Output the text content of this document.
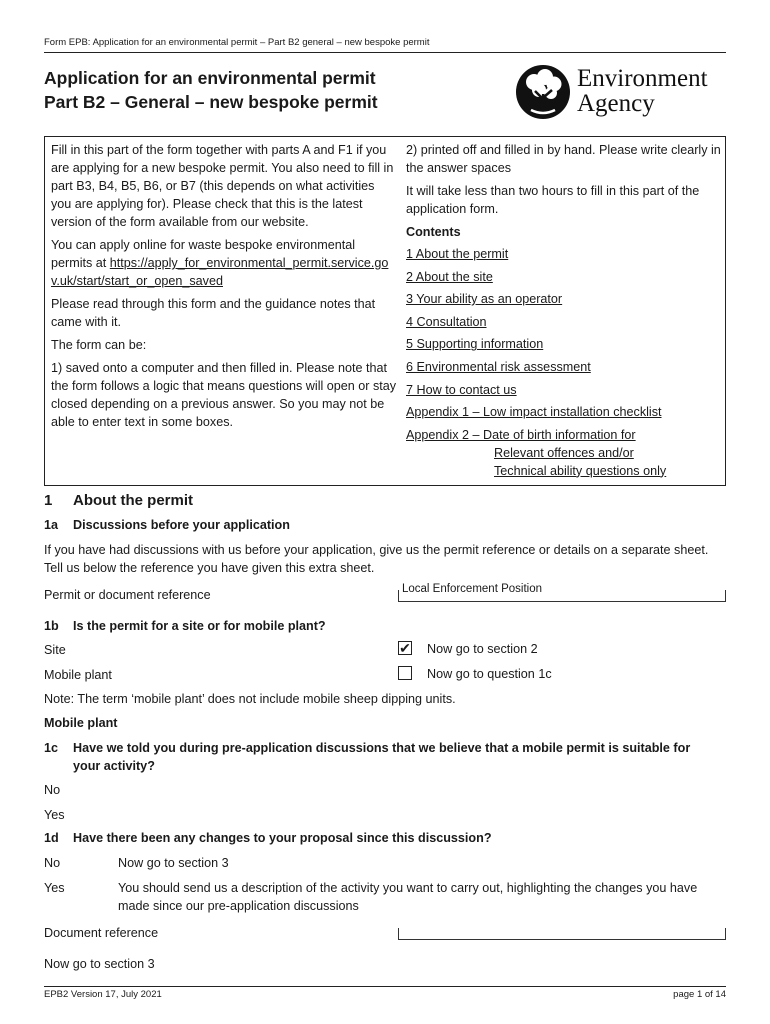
Form EPB: Application for an environmental permit – Part B2 general – new bespoke permit
Application for an environmental permit
Part B2 – General – new bespoke permit
Environment
Agency

Fill in this part of the form together with parts A and F1 if you are applying for a new bespoke permit. You also need to fill in part B3, B4, B5, B6, or B7 (this depends on what activities you are applying for). Please check that this is the latest version of the form available from our website.

You can apply online for waste bespoke environmental permits at https://apply_for_environmental_permit.service.gov.uk/start/start_or_open_saved

Please read through this form and the guidance notes that came with it.

The form can be:

1) saved onto a computer and then filled in. Please note that the form follows a logic that means questions will open or stay closed depending on a previous answer. So you may not be able to enter text in some boxes.

2) printed off and filled in by hand. Please write clearly in the answer spaces

It will take less than two hours to fill in this part of the application form.

Contents
1 About the permit
2 About the site
3 Your ability as an operator
4 Consultation
5 Supporting information
6 Environmental risk assessment
7 How to contact us
Appendix 1 – Low impact installation checklist
Appendix 2 – Date of birth information for
Relevant offences and/or
Technical ability questions only
1 About the permit
1a Discussions before your application
If you have had discussions with us before your application, give us the permit reference or details on a separate sheet. Tell us below the reference you have given this extra sheet.
Permit or document reference	Local Enforcement Position
1b Is the permit for a site or for mobile plant?
Site	✔ Now go to section 2
Mobile plant	Now go to question 1c
Note: The term ‘mobile plant’ does not include mobile sheep dipping units.
Mobile plant
1c Have we told you during pre-application discussions that we believe that a mobile permit is suitable for your activity?
No
Yes
1d Have there been any changes to your proposal since this discussion?
No	Now go to section 3
Yes	You should send us a description of the activity you want to carry out, highlighting the changes you have made since our pre-application discussions
Document reference
Now go to section 3
EPB2 Version 17, July 2021	page 1 of 14
